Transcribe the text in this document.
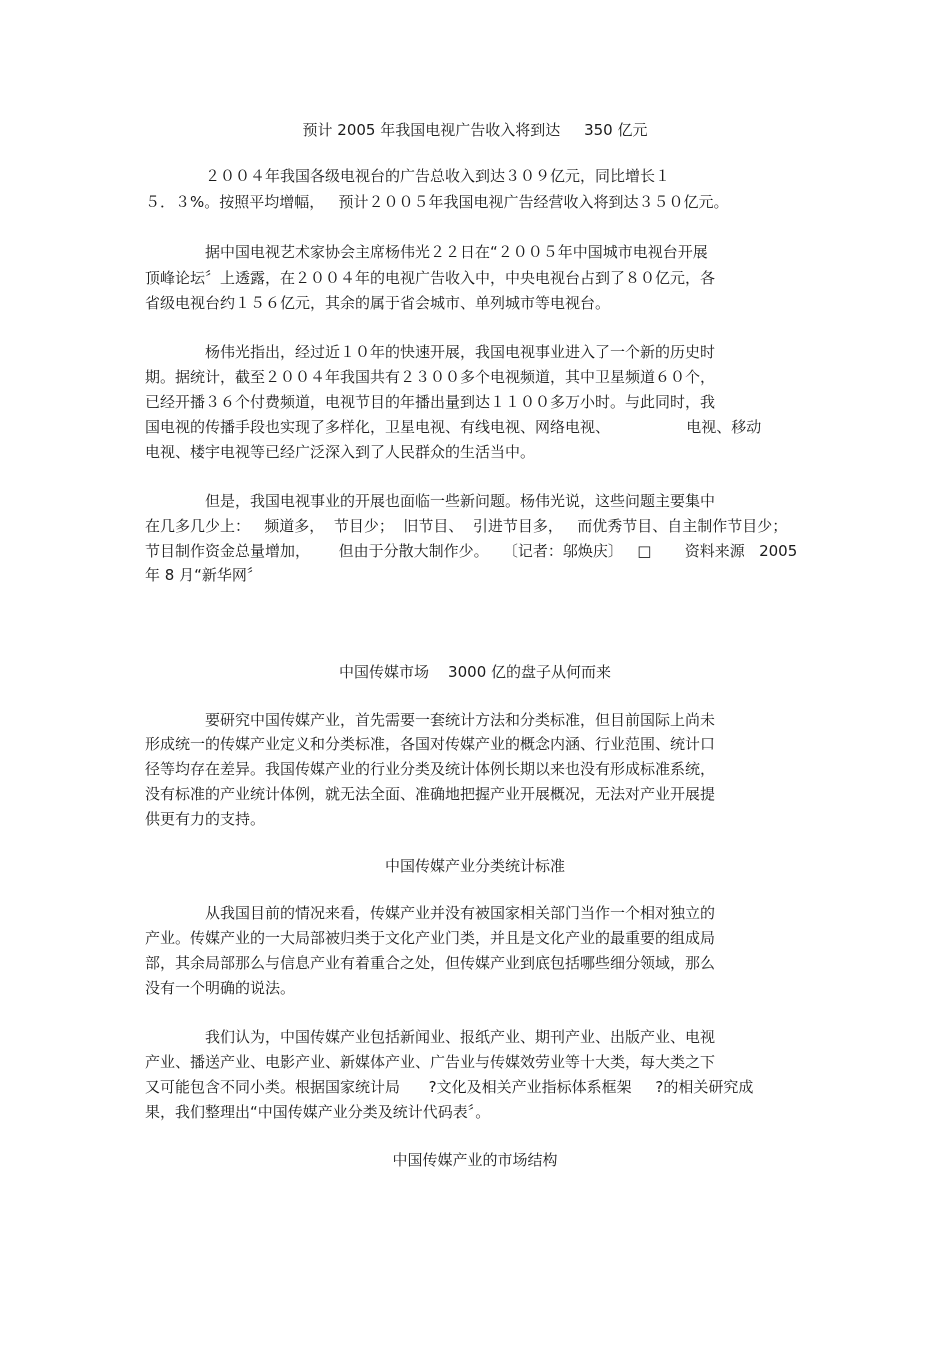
预计 2005 年我国电视广告收入将到达     350 亿元
２００４年我国各级电视台的广告总收入到达３０９亿元，同比增长１
５．３%。按照平均增幅，   预计２００５年我国电视广告经营收入将到达３５０亿元。
据中国电视艺术家协会主席杨伟光２２日在“２００５年中国城市电视台开展
顶峰论坛〞上透露，在２００４年的电视广告收入中，中央电视台占到了８０亿元，各
省级电视台约１５６亿元，其余的属于省会城市、单列城市等电视台。
杨伟光指出，经过近１０年的快速开展，我国电视事业进入了一个新的历史时
期。据统计，截至２００４年我国共有２３００多个电视频道，其中卫星频道６０个，
已经开播３６个付费频道，电视节目的年播出量到达１１００多万小时。与此同时，我
国电视的传播手段也实现了多样化，卫星电视、有线电视、网络电视、                电视、移动
电视、楼宇电视等已经广泛深入到了人民群众的生活当中。
但是，我国电视事业的开展也面临一些新问题。杨伟光说，这些问题主要集中
在几多几少上：   频道多，  节目少；  旧节目、  引进节目多，   而优秀节目、自主制作节目少；
节目制作资金总量增加，      但由于分散大制作少。   〔记者：邬焕庆〕   □       资料来源   2005
年 8 月“新华网〞
中国传媒市场    3000 亿的盘子从何而来
要研究中国传媒产业，首先需要一套统计方法和分类标准，但目前国际上尚未
形成统一的传媒产业定义和分类标准，各国对传媒产业的概念内涵、行业范围、统计口
径等均存在差异。我国传媒产业的行业分类及统计体例长期以来也没有形成标准系统，
没有标准的产业统计体例，就无法全面、准确地把握产业开展概况，无法对产业开展提
供更有力的支持。
中国传媒产业分类统计标准
从我国目前的情况来看，传媒产业并没有被国家相关部门当作一个相对独立的
产业。传媒产业的一大局部被归类于文化产业门类，并且是文化产业的最重要的组成局
部，其余局部那么与信息产业有着重合之处，但传媒产业到底包括哪些细分领域，那么
没有一个明确的说法。
我们认为，中国传媒产业包括新闻业、报纸产业、期刊产业、出版产业、电视
产业、播送产业、电影产业、新媒体产业、广告业与传媒效劳业等十大类，每大类之下
又可能包含不同小类。根据国家统计局      ?文化及相关产业指标体系框架     ?的相关研究成
果，我们整理出“中国传媒产业分类及统计代码表〞。
中国传媒产业的市场结构
